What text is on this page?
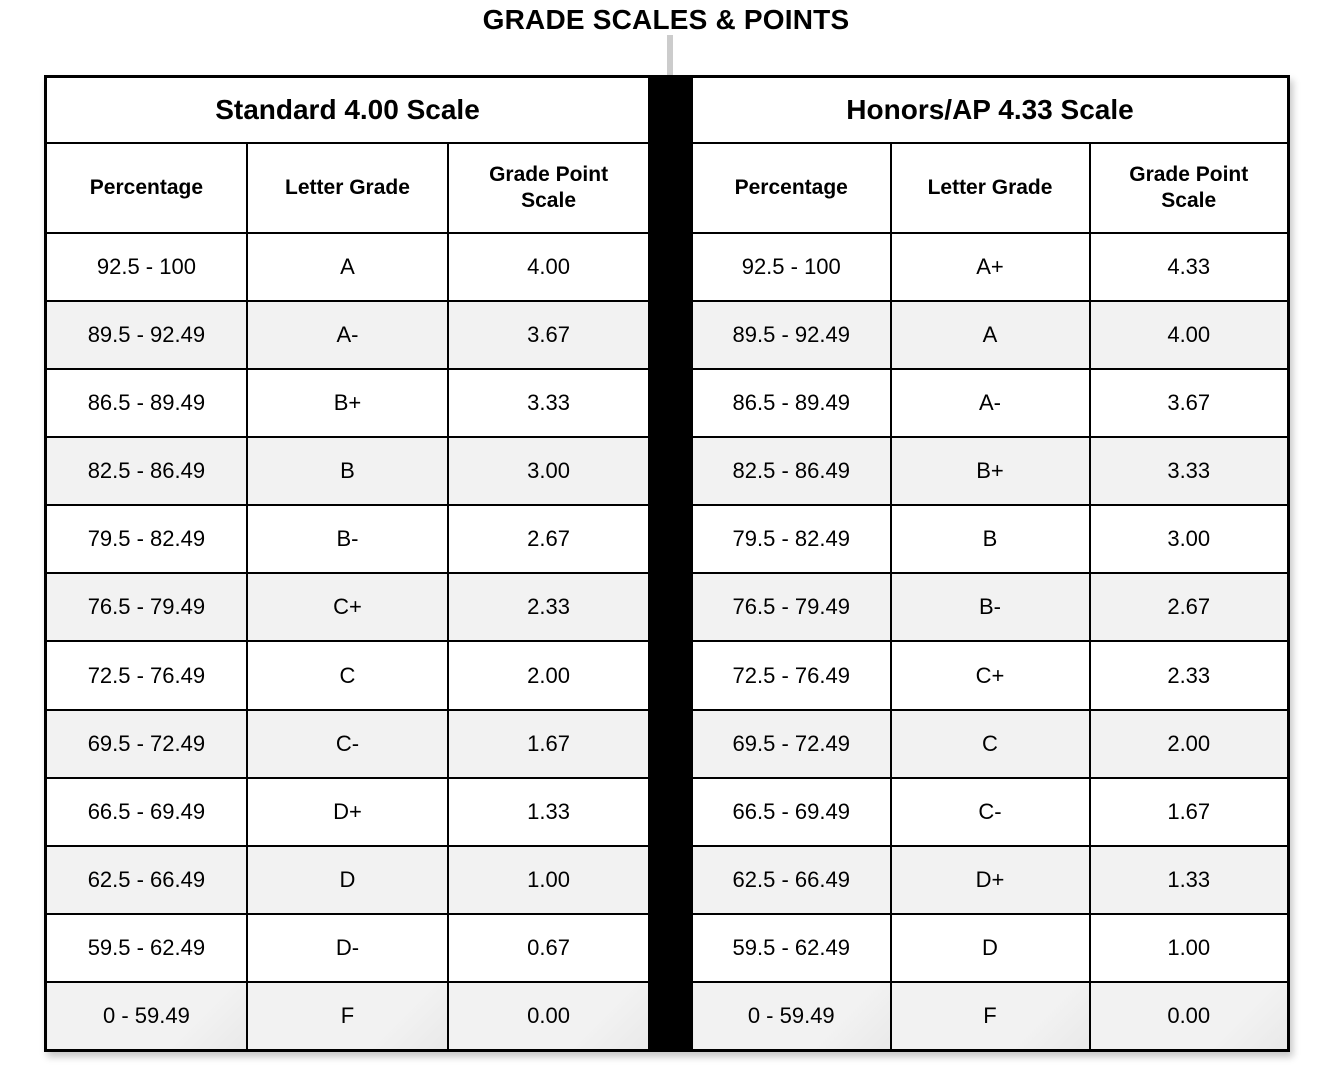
GRADE SCALES & POINTS
Standard 4.00 Scale		
Percentage	Letter Grade	Grade Point Scale
92.5 - 100	A	4.00
89.5 - 92.49	A-	3.67
86.5 - 89.49	B+	3.33
82.5 - 86.49	B	3.00
79.5 - 82.49	B-	2.67
76.5 - 79.49	C+	2.33
72.5 - 76.49	C	2.00
69.5 - 72.49	C-	1.67
66.5 - 69.49	D+	1.33
62.5 - 66.49	D	1.00
59.5 - 62.49	D-	0.67
0 - 59.49	F	0.00
Honors/AP 4.33 Scale		
Percentage	Letter Grade	Grade Point Scale
92.5 - 100	A+	4.33
89.5 - 92.49	A	4.00
86.5 - 89.49	A-	3.67
82.5 - 86.49	B+	3.33
79.5 - 82.49	B	3.00
76.5 - 79.49	B-	2.67
72.5 - 76.49	C+	2.33
69.5 - 72.49	C	2.00
66.5 - 69.49	C-	1.67
62.5 - 66.49	D+	1.33
59.5 - 62.49	D	1.00
0 - 59.49	F	0.00
